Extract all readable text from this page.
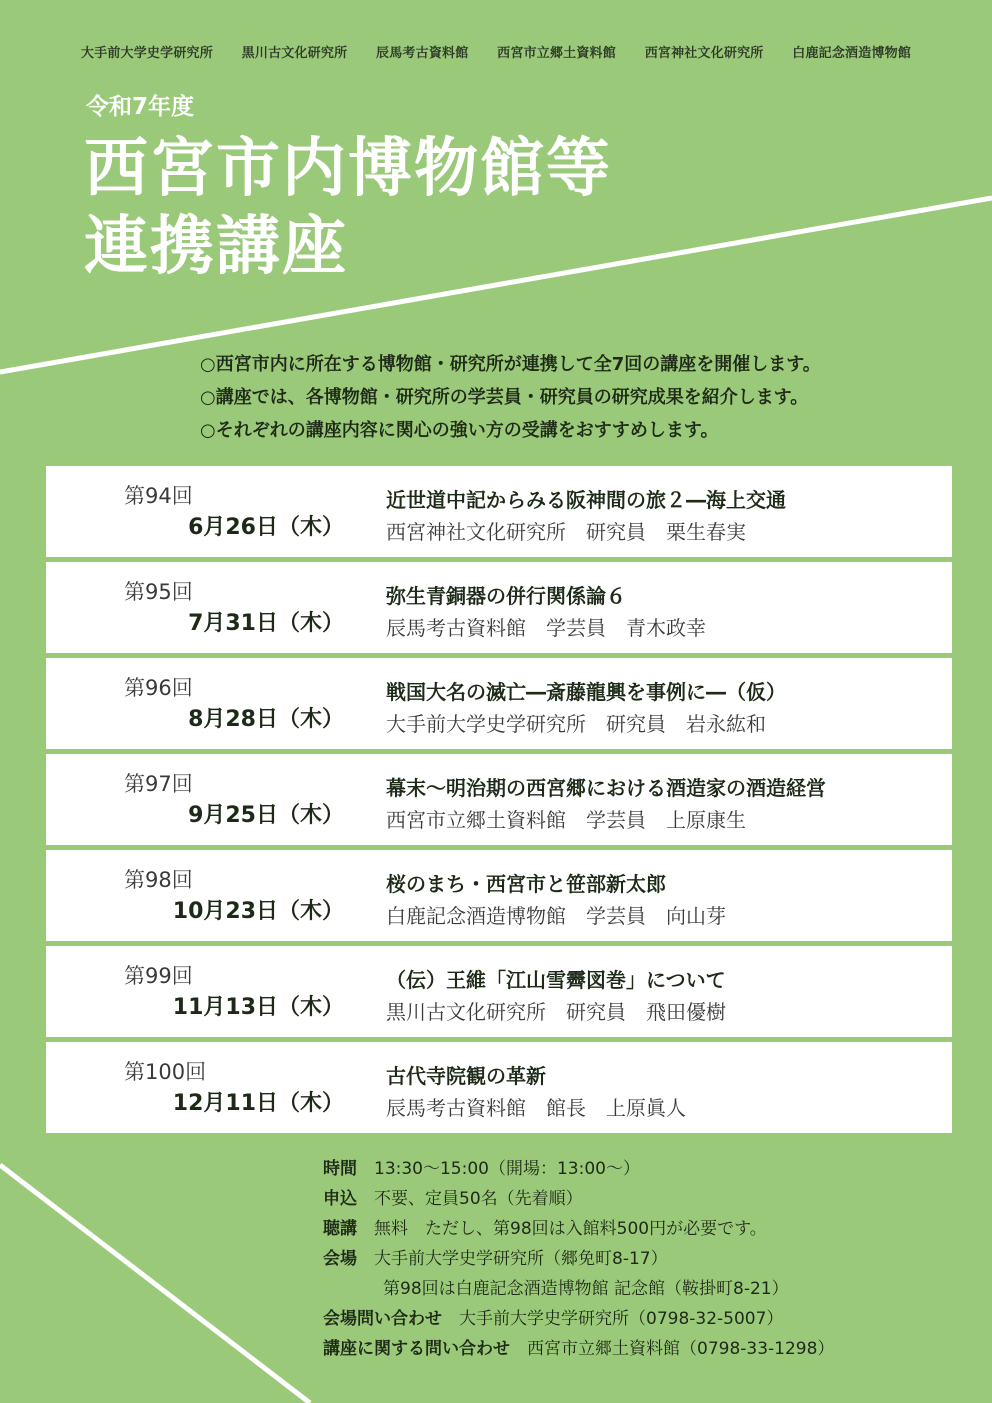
大手前大学史学研究所 黒川古文化研究所 辰馬考古資料館 西宮市立郷土資料館 西宮神社文化研究所 白鹿記念酒造博物館
令和7年度
西宮市内博物館等
連携講座
○西宮市内に所在する博物館・研究所が連携して全7回の講座を開催します。
○講座では、各博物館・研究所の学芸員・研究員の研究成果を紹介します。
○それぞれの講座内容に関心の強い方の受講をおすすめします。
第94回
6月26日（木）
近世道中記からみる阪神間の旅２―海上交通
西宮神社文化研究所　研究員　栗生春実
第95回
7月31日（木）
弥生青銅器の併行関係論６
辰馬考古資料館　学芸員　青木政幸
第96回
8月28日（木）
戦国大名の滅亡―斎藤龍興を事例に―（仮）
大手前大学史学研究所　研究員　岩永紘和
第97回
9月25日（木）
幕末～明治期の西宮郷における酒造家の酒造経営
西宮市立郷土資料館　学芸員　上原康生
第98回
10月23日（木）
桜のまち・西宮市と笹部新太郎
白鹿記念酒造博物館　学芸員　向山芽
第99回
11月13日（木）
（伝）王維「江山雪霽図巻」について
黒川古文化研究所　研究員　飛田優樹
第100回
12月11日（木）
古代寺院観の革新
辰馬考古資料館　館長　上原眞人
時間　 13:30～15:00（開場：13:00～）
申込　 不要、定員50名（先着順）
聴講　 無料　ただし、第98回は入館料500円が必要です。
会場　 大手前大学史学研究所（郷免町8-17）
第98回は白鹿記念酒造博物館 記念館（鞍掛町8-21）
会場問い合わせ　 大手前大学史学研究所（0798-32-5007）
講座に関する問い合わせ　 西宮市立郷土資料館（0798-33-1298）
